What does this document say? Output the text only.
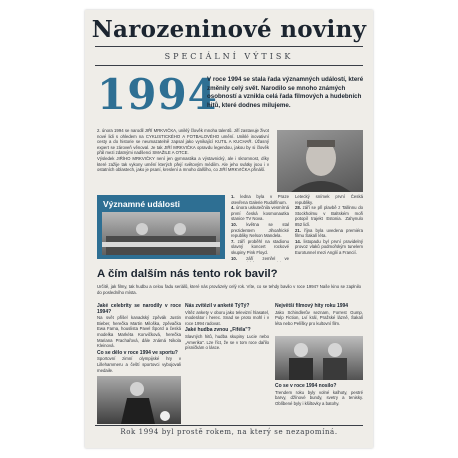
Narozeninové noviny
SPECIÁLNÍ VÝTISK
1994
V roce 1994 se stala řada významných událostí, které změnily celý svět. Narodilo se mnoho známých osobností a vznikla celá řada filmových a hudebních hitů, které dodnes milujeme.
2. února 1994 se narodil JIŘÍ MRKVIČKA, uniklý člověk mnoha talentů. Jiří zastavuje život nové lidi s ohledem na CYKLISTICKÉHO A FOTBALOVÉHO umění. Uniklé inovativní cesty a do historie se neumazatelně zapsal jako vynikající KUTIL A KUCHAŘ. Úžasný expert se zároveň věnoval. Je tak JIŘÍ MRKVIČKA opravdu legendou, jakou by si člověk přál mezi zdatnými nadšenci SMAŽILE A OTCE.
Výsledek JIŘÍHO MRKVIČKY není jen gymnastika a výstavnický, ale i skromnost, díky které zažije tak vykony umění kterých přejí světovým médiím. Ale jeho svátky jsou i v ostatních oblastech, jako je psaní, kreslení a mnoho dalšího, co JIŘÍ MRKVIČKA přináší.
Významné události
1. ledna byla v Praze otevřena Galerie Rudolfinum.
4. února uskutečnila vesmírná první česká kosmonautka stanice TV Nova.
10. května se stal prezidentem Jihoafrické republiky Nelson Mandela.
7. září proběhl na stadionu slavný koncert rockové skupiny Pink Floyd.
10. září zemřel ve
Letecký snímek první Česká republiky.
28. září se při plavbě z Tallinnu do Stockholmu v Baltském moři potopil trajekt Estonia. Zahynulo 852 lidí.
21. října byla uvedena premiéra filmu Šakalí léta.
14. listopadu byl první pravidelný provoz vlaků podmořským tunelem Eurotunnel mezi Anglií a Francií.
A čím dalším nás tento rok bavil?
Určitě, jak filmy, tak hudbu a celou řadu seriálů, které nás provázely celý rok. Víte, co se tehdy bavilo v roce 1994? Naše kino se zaplnilo do posledního místa.
Jaké celebrity se narodily v roce 1994?
Na svět přišel kanadský zpěvák Justin Bieber, herečka Martin Miloška, zpěvačka Ewa Farna, houslista Pavel Šporcl a česká modelka Markéta Konvičková, herečka Mariana Prachařová, dále známá Nikola Kleinová.
Co se dělo v roce 1994 ve sportu?
Sportovní zimní olympijské hry v Lillehammeru a čeští sportovci vybojovali medaile.
Nás zvítězil v anketě TýTý?
Vítěz ankety v oboru jako televizní hlasatel, moderátor i herec. Snad se proto mohl i v roce 1994 radovat.
Jaké hudba zvnou „Fiféla"?
Slavných hitů, hudba skupiny Lucie nebo „Amerika". Lze říct, že se v tom roce dařilo písničkám o lásce.
Největší filmový hity roku 1994
Jako Schindlerův seznam, Forrest Gump, Pulp Fiction, Lví král, Pražské lázně, Šakalí léta nebo Pelíšky pro kultovní film.
Co se v roce 1994 nosilo?
Trendem roku byly volné kalhoty, pestré barvy, džínové bundy, svetry a tenisky. Oblíbené byly i kšiltovky a batohy.
Rok 1994 byl prostě rokem, na který se nezapomíná.
